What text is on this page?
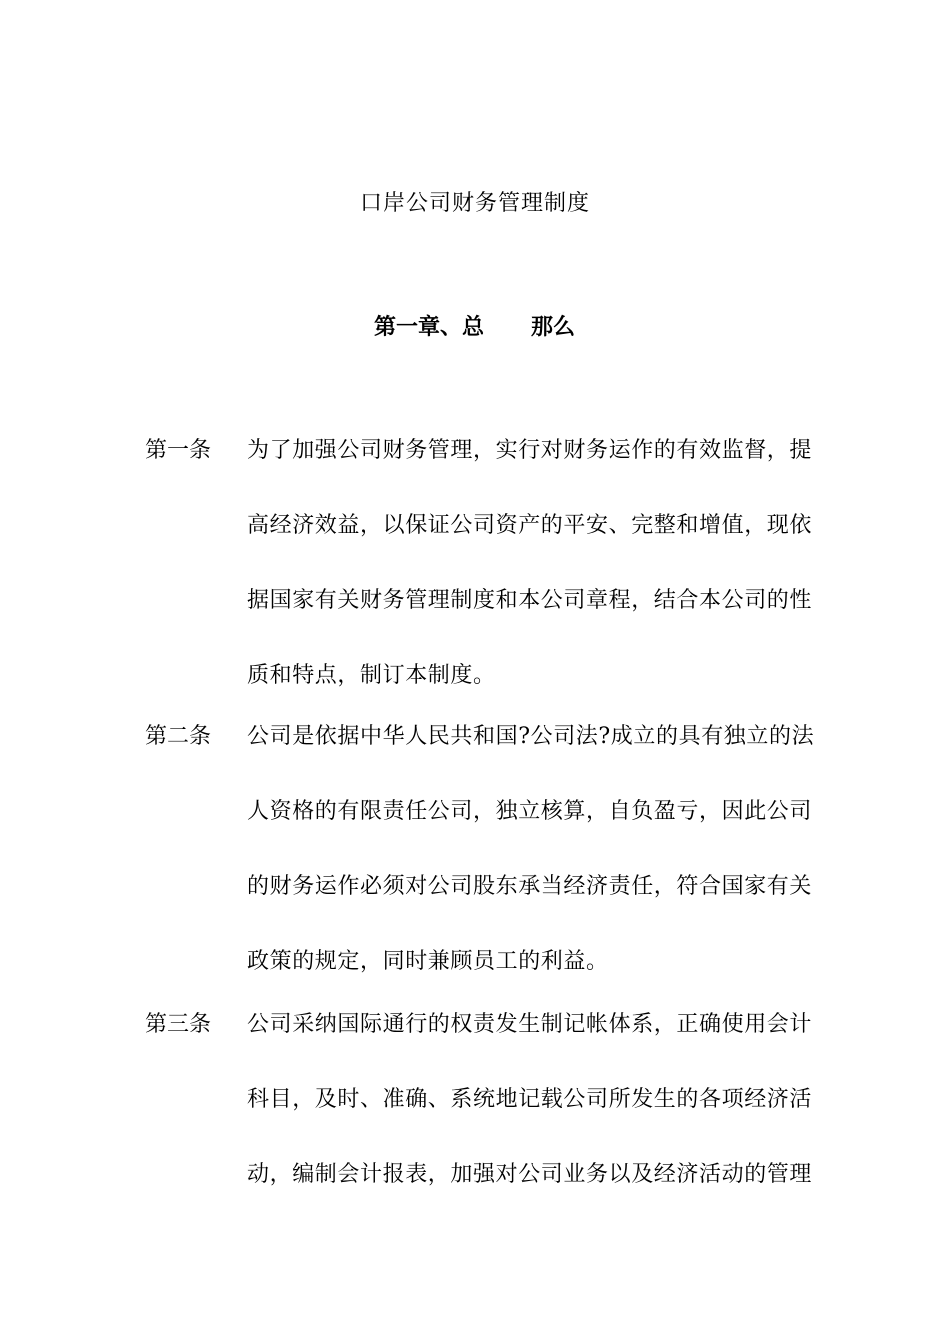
口岸公司财务管理制度
第一章、总 那么
第一条 为了加强公司财务管理，实行对财务运作的有效监督，提
高经济效益，以保证公司资产的平安、完整和增值，现依
据国家有关财务管理制度和本公司章程，结合本公司的性
质和特点，制订本制度。
第二条 公司是依据中华人民共和国?公司法?成立的具有独立的法
人资格的有限责任公司，独立核算，自负盈亏，因此公司
的财务运作必须对公司股东承当经济责任，符合国家有关
政策的规定，同时兼顾员工的利益。
第三条 公司采纳国际通行的权责发生制记帐体系，正确使用会计
科目，及时、准确、系统地记载公司所发生的各项经济活
动，编制会计报表，加强对公司业务以及经济活动的管理
